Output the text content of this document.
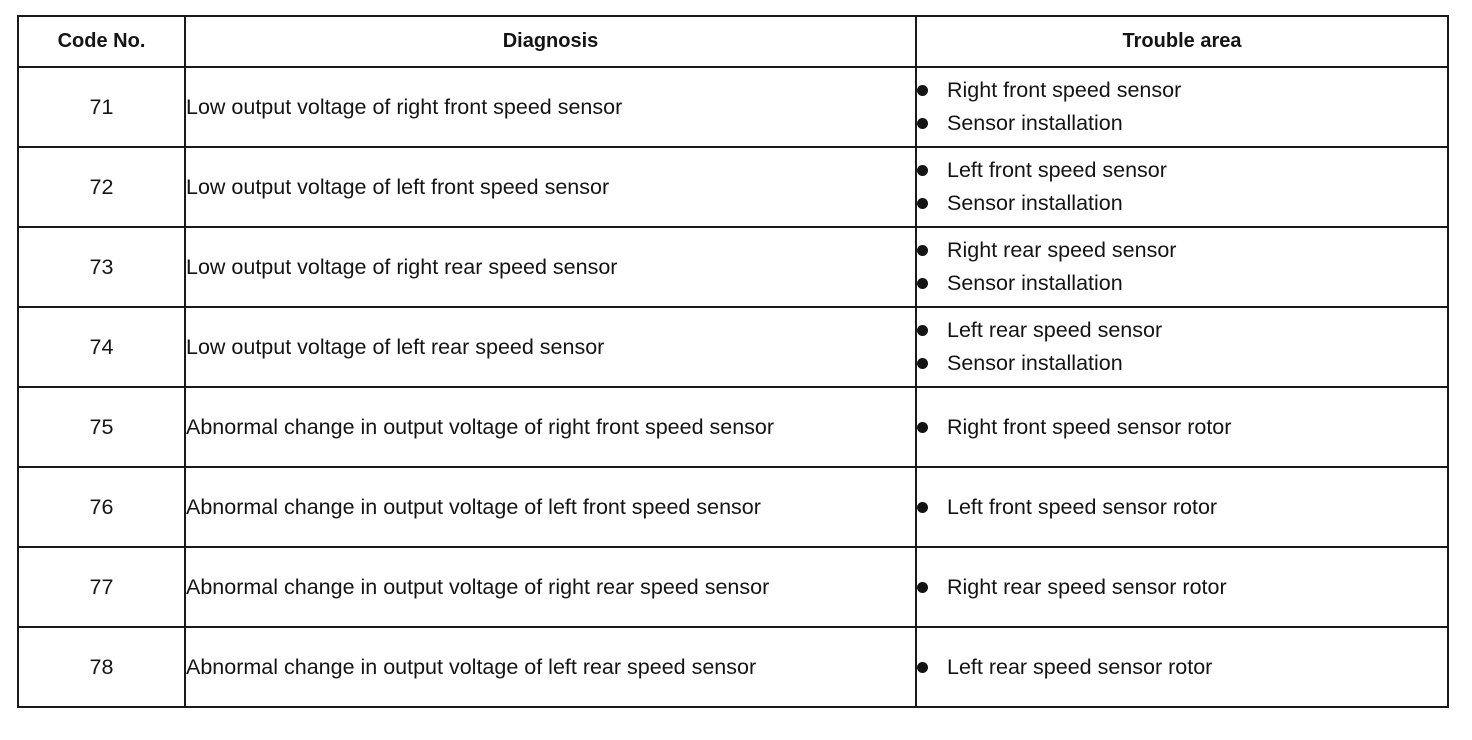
Code No.	Diagnosis	Trouble area
71	Low output voltage of right front speed sensor	Right front speed sensor
Sensor installation

72	Low output voltage of left front speed sensor	Left front speed sensor
Sensor installation

73	Low output voltage of right rear speed sensor	Right rear speed sensor
Sensor installation

74	Low output voltage of left rear speed sensor	Left rear speed sensor
Sensor installation

75	Abnormal change in output voltage of right front speed sensor	Right front speed sensor rotor

76	Abnormal change in output voltage of left front speed sensor	Left front speed sensor rotor

77	Abnormal change in output voltage of right rear speed sensor	Right rear speed sensor rotor

78	Abnormal change in output voltage of left rear speed sensor	Left rear speed sensor rotor
